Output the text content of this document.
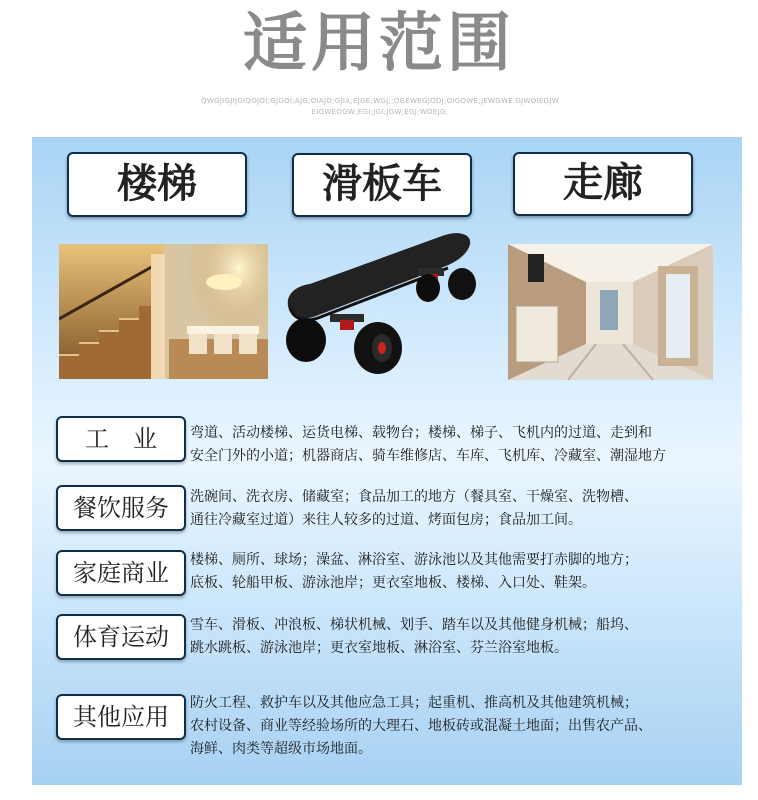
适用范围
QWGJIGJIJGIQOJOI;GJGOI;AJG;OIAJO;GJIA;EJGE;WGJ;;OGEWEGJODJ;OIGOWE;JEWGWE GJWOIEGJWEIGWEOGW;EGI;JGI;JGW;EGJ;WOEJG;
楼梯	滑板车	走廊
工　业	弯道、活动楼梯、运货电梯、载物台；楼梯、梯子、飞机内的过道、走到和
安全门外的小道；机器商店、骑车维修店、车库、飞机库、冷藏室、潮湿地方
餐饮服务	洗碗间、洗衣房、储藏室；食品加工的地方（餐具室、干燥室、洗物槽、
通往冷藏室过道）来往人较多的过道、烤面包房；食品加工间。
家庭商业	楼梯、厕所、球场；澡盆、淋浴室、游泳池以及其他需要打赤脚的地方；
底板、轮船甲板、游泳池岸；更衣室地板、楼梯、入口处、鞋架。
体育运动	雪车、滑板、冲浪板、梯状机械、划手、踏车以及其他健身机械；船坞、
跳水跳板、游泳池岸；更衣室地板、淋浴室、芬兰浴室地板。
其他应用	防火工程、救护车以及其他应急工具；起重机、推高机及其他建筑机械；
农村设备、商业等经验场所的大理石、地板砖或混凝土地面；出售农产品、
海鲜、肉类等超级市场地面。
